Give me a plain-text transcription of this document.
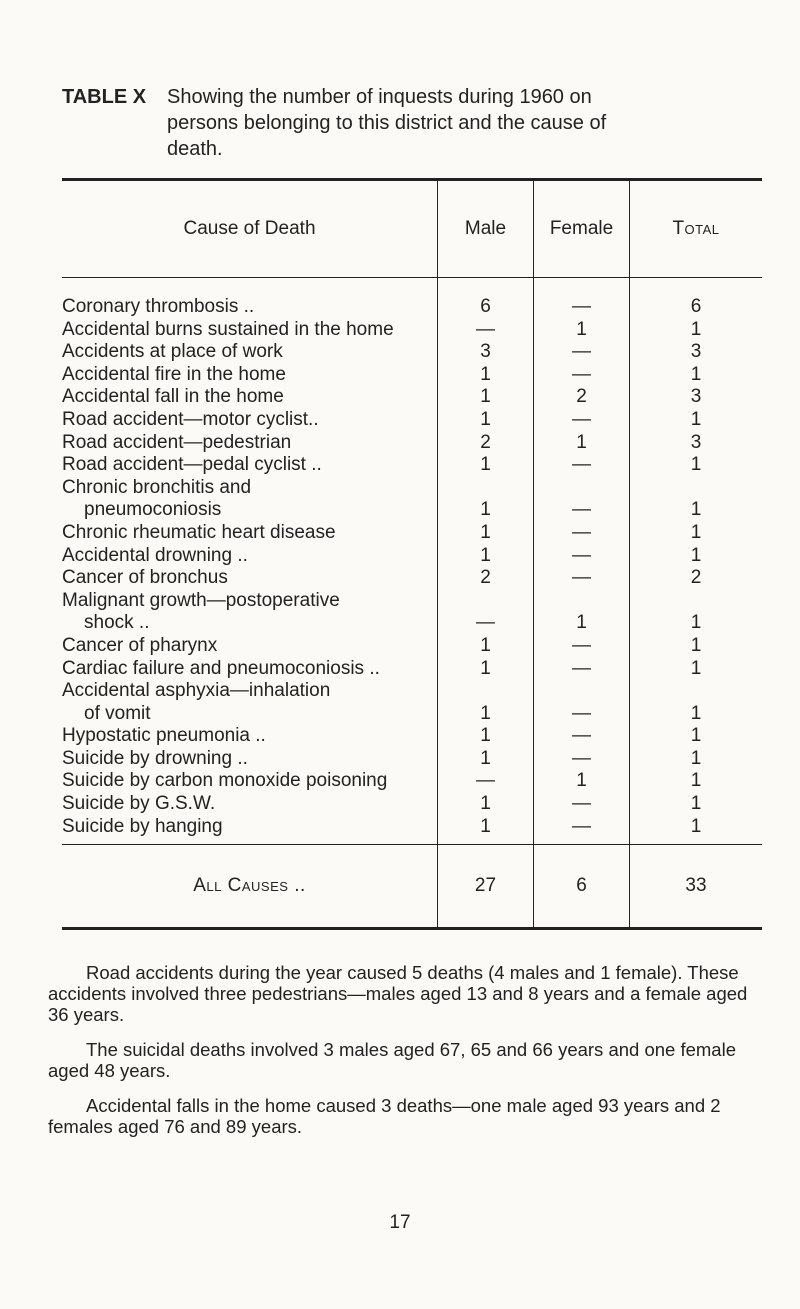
TABLE X Showing the number of inquests during 1960 on
persons belonging to this district and the cause of
death.
Cause of Death	Male	Female	Total
Coronary thrombosis ..	6	—	6
Accidental burns sustained in the home	—	1	1
Accidents at place of work	3	—	3
Accidental fire in the home	1	—	1
Accidental fall in the home	1	2	3
Road accident—motor cyclist..	1	—	1
Road accident—pedestrian	2	1	3
Road accident—pedal cyclist ..	1	—	1
Chronic bronchitis and
pneumoconiosis	1	—	1
Chronic rheumatic heart disease	1	—	1
Accidental drowning ..	1	—	1
Cancer of bronchus	2	—	2
Malignant growth—postoperative
shock ..	—	1	1
Cancer of pharynx	1	—	1
Cardiac failure and pneumoconiosis ..	1	—	1
Accidental asphyxia—inhalation
of vomit	1	—	1
Hypostatic pneumonia ..	1	—	1
Suicide by drowning ..	1	—	1
Suicide by carbon monoxide poisoning	—	1	1
Suicide by G.S.W.	1	—	1
Suicide by hanging	1	—	1
All Causes ..	27	6	33

Road accidents during the year caused 5 deaths (4 males and 1 female). These accidents involved three pedestrians—males aged 13 and 8 years and a female aged 36 years.

The suicidal deaths involved 3 males aged 67, 65 and 66 years and one female aged 48 years.

Accidental falls in the home caused 3 deaths—one male aged 93 years and 2 females aged 76 and 89 years.

17
